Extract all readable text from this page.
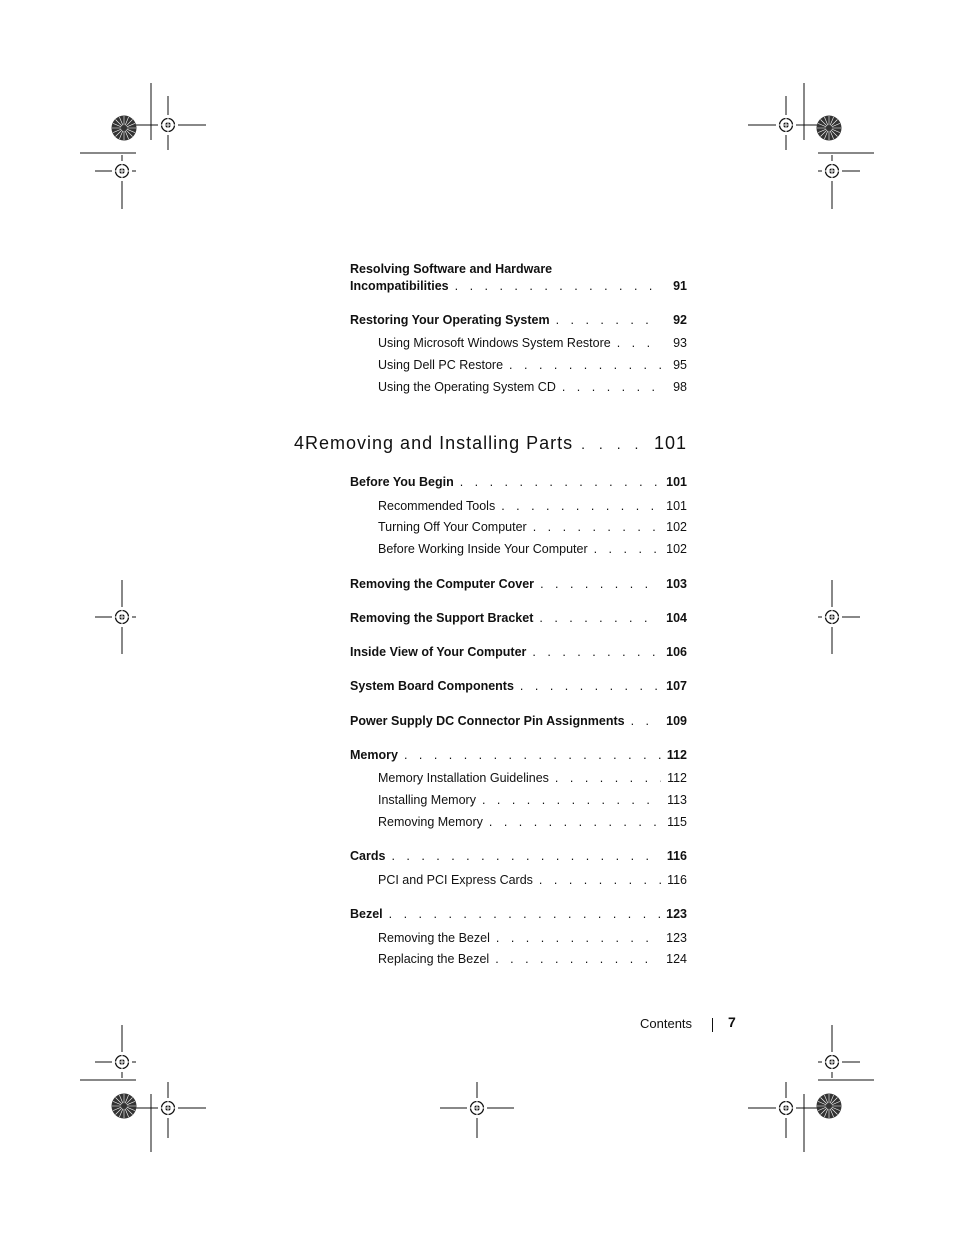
Resolving Software and Hardware
Incompatibilities . . .	91
Restoring Your Operating System . . .	92
Using Microsoft Windows System Restore . . .	93
Using Dell PC Restore . . .	95
Using the Operating System CD . . .	98
4 Removing and Installing Parts . . .	101
Before You Begin . . .	101
Recommended Tools . . .	101
Turning Off Your Computer . . .	102
Before Working Inside Your Computer . . .	102
Removing the Computer Cover . . .	103
Removing the Support Bracket . . .	104
Inside View of Your Computer . . .	106
System Board Components . . .	107
Power Supply DC Connector Pin Assignments . . .	109
Memory . . .	112
Memory Installation Guidelines . . .	112
Installing Memory . . .	113
Removing Memory . . .	115
Cards . . .	116
PCI and PCI Express Cards . . .	116
Bezel . . .	123
Removing the Bezel . . .	123
Replacing the Bezel . . .	124
Contents	7
